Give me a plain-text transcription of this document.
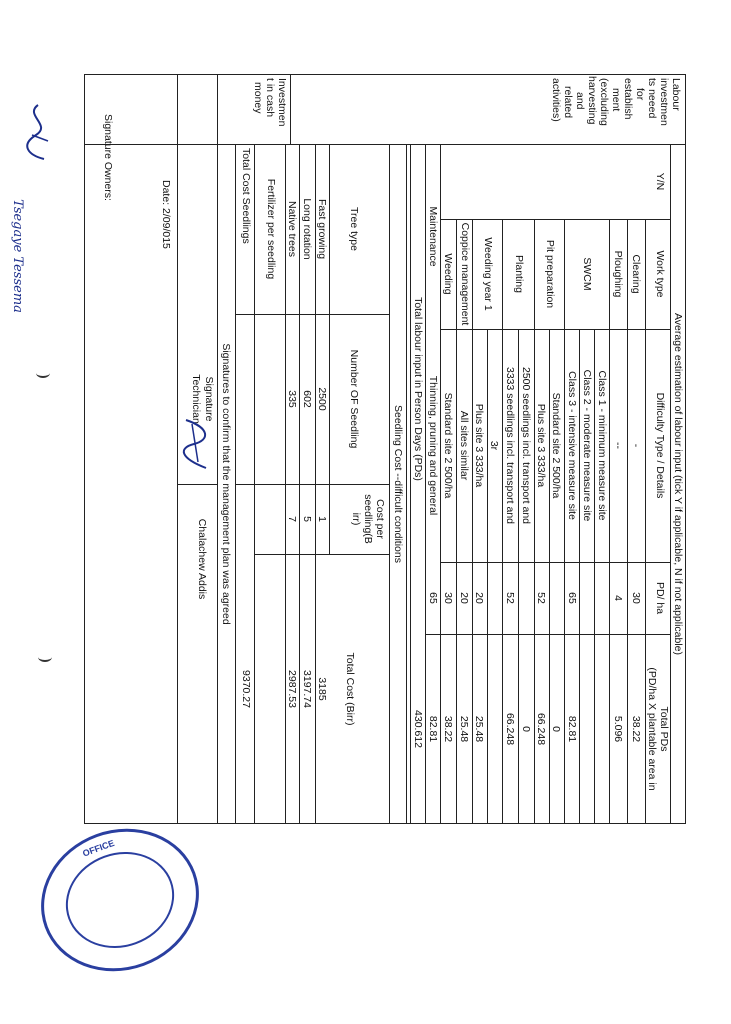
Labour
investmen
ts neeed
for
establish
ment
(excluding
harvesting
and
related
activities)
Investmen
t in cash
money
Average estimation of labour input (tick Y if applicable, N if not applicable)
Y/N
Work type
Difficulty Type / Details
PD/ ha
Total PDs
(PD/ha X plantable area in
Clearing
-
30
38.22
Ploughing
--
4
5.096
Class 1 - minimum measure site
SWCM
Class 2 - moderate measure site
Class 3 - intensive measure site
65
82.81
Pit preparation
Standard site 2 500/ha
0
Plus site 3 333/ha
52
66.248
Planting
2500 seedlings incl. transport and
0
3333 seedlings incl. transport and
52
66.248
Weeding year 1
3r
Plus site 3 333/ha
20
25.48
Coppice management
All sites similar
20
25.48
Weeding
Standard site 2 500/ha
30
38.22
Maintenance
Thinning, pruning and general
65
82.81
Total labour input in Person Days (PDs)
430.612
Seedling Cost --difficult conditions
Tree type
Number OF Seedling
Cost per
seedling(B
irr)
Total Cost (Birr)
Fast growing
2500
1
3185
Long rotation
602
5
3197.74
Native trees
335
7
2987.53
Fertilizer per seedling
Total Cost Seedlings
9370.27
Signatures to confirm that the management plan was agreed
Signature
Technician
Chalachew Addis
Date: 2/09/015
Signature Owners:
Tsegaye Tessema
OFFICE
